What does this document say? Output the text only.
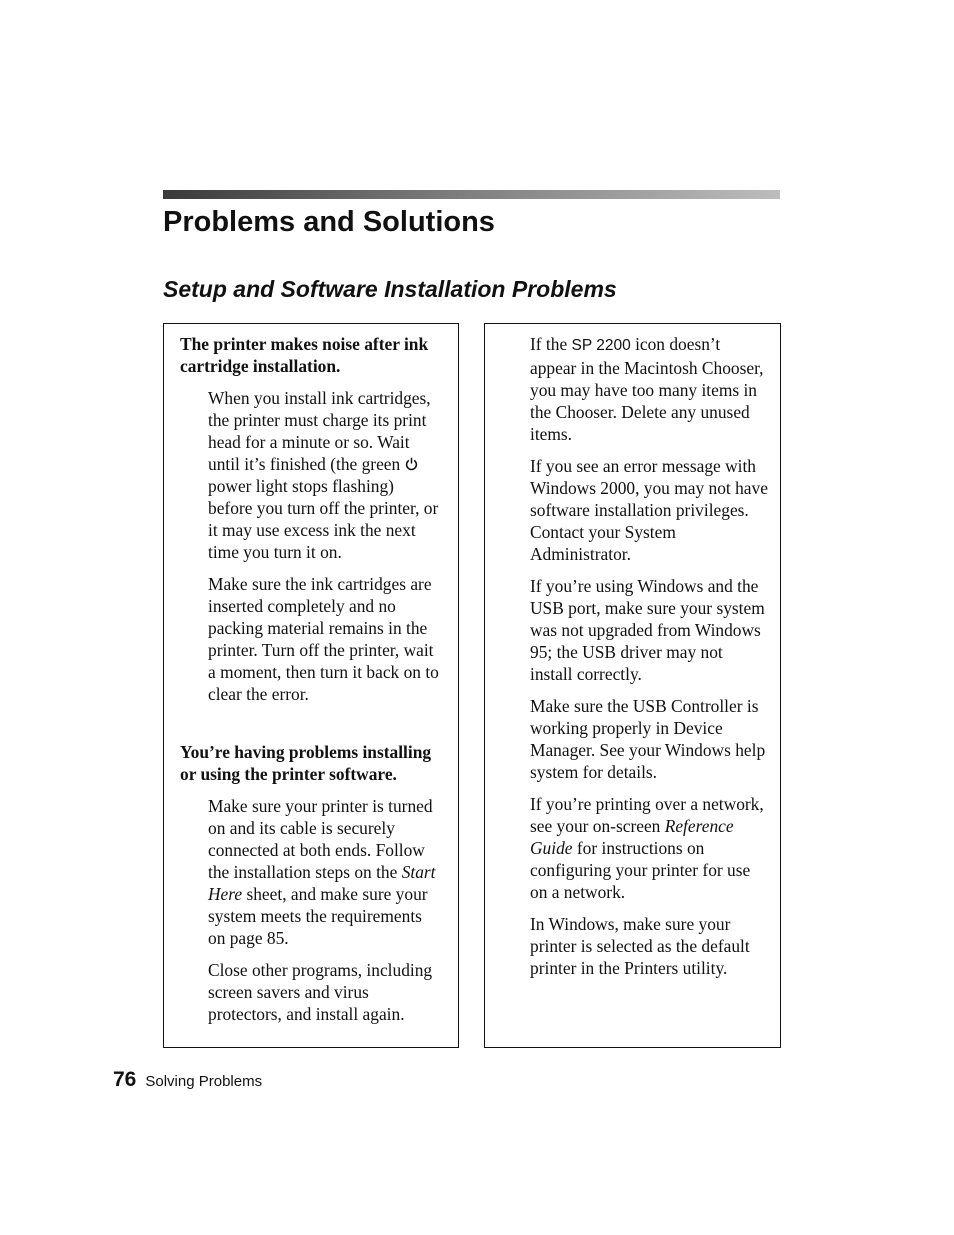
Problems and Solutions
Setup and Software Installation Problems

The printer makes noise after ink cartridge installation.

When you install ink cartridges, the printer must charge its print head for a minute or so. Wait until it’s finished (the green  power light stops flashing) before you turn off the printer, or it may use excess ink the next time you turn it on.

Make sure the ink cartridges are inserted completely and no packing material remains in the printer. Turn off the printer, wait a moment, then turn it back on to clear the error.

You’re having problems installing or using the printer software.

Make sure your printer is turned on and its cable is securely connected at both ends. Follow the installation steps on the Start Here sheet, and make sure your system meets the requirements on page 85.

Close other programs, including screen savers and virus protectors, and install again.

If the SP 2200 icon doesn’t appear in the Macintosh Chooser, you may have too many items in the Chooser. Delete any unused items.

If you see an error message with Windows 2000, you may not have software installation privileges. Contact your System Administrator.

If you’re using Windows and the USB port, make sure your system was not upgraded from Windows 95; the USB driver may not install correctly.

Make sure the USB Controller is working properly in Device Manager. See your Windows help system for details.

If you’re printing over a network, see your on-screen Reference Guide for instructions on configuring your printer for use on a network.

In Windows, make sure your printer is selected as the default printer in the Printers utility.

76 Solving Problems
